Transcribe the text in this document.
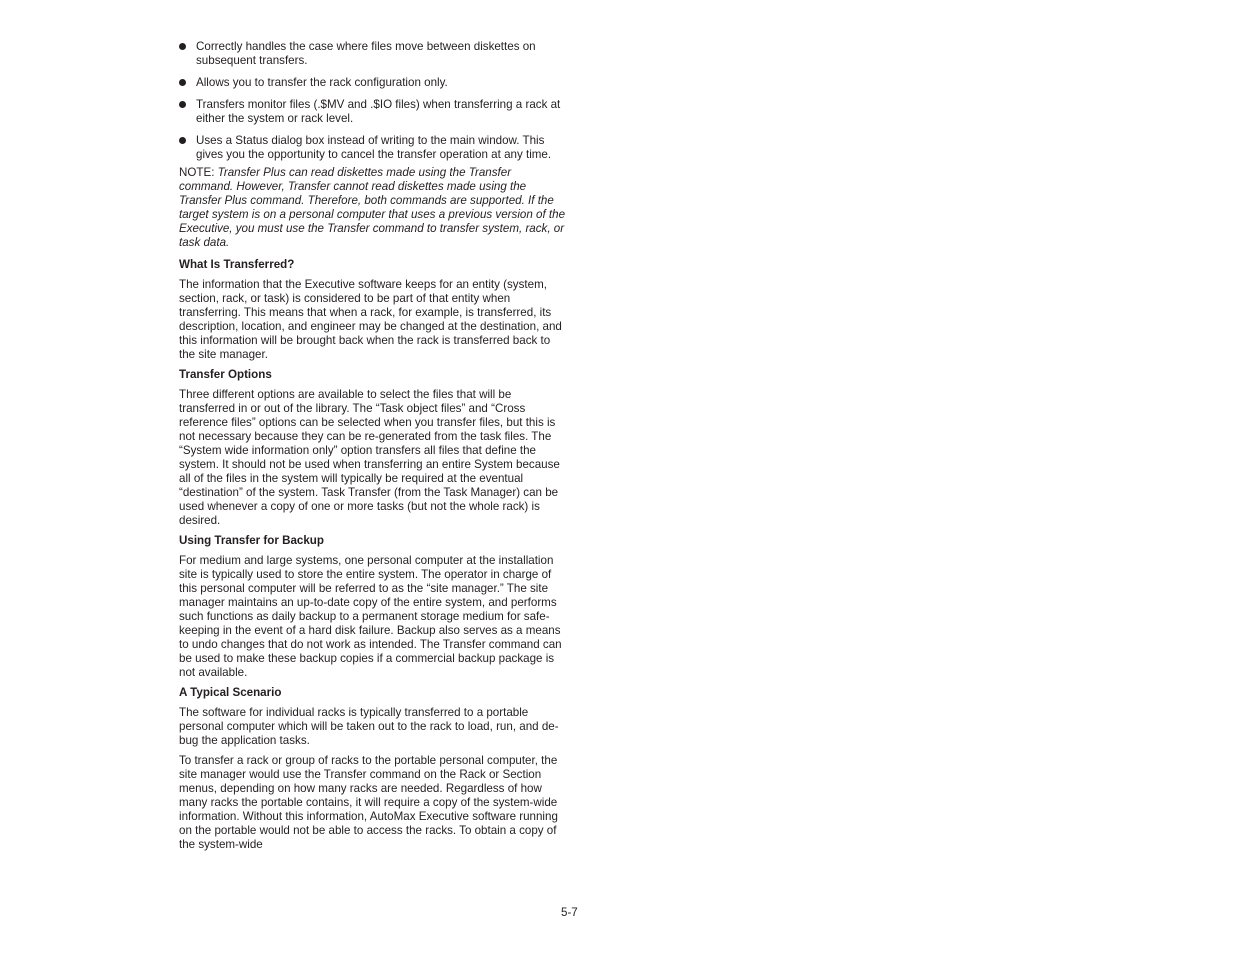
Correctly handles the case where files move between diskettes on subsequent transfers.
Allows you to transfer the rack configuration only.
Transfers monitor files (.$MV and .$IO files) when transferring a rack at either the system or rack level.
Uses a Status dialog box instead of writing to the main window. This gives you the opportunity to cancel the transfer operation at any time.

NOTE: Transfer Plus can read diskettes made using the Transfer command. However, Transfer cannot read diskettes made using the Transfer Plus command. Therefore, both commands are supported. If the target system is on a personal computer that uses a previous version of the Executive, you must use the Transfer command to transfer system, rack, or task data.

What Is Transferred?

The information that the Executive software keeps for an entity (system, section, rack, or task) is considered to be part of that entity when transferring. This means that when a rack, for example, is transferred, its description, location, and engineer may be changed at the destination, and this information will be brought back when the rack is transferred back to the site manager.

Transfer Options

Three different options are available to select the files that will be transferred in or out of the library. The “Task object files” and “Cross reference files” options can be selected when you transfer files, but this is not necessary because they can be re-generated from the task files. The “System wide information only” option transfers all files that define the system. It should not be used when transferring an entire System because all of the files in the system will typically be required at the eventual “destination” of the system. Task Transfer (from the Task Manager) can be used whenever a copy of one or more tasks (but not the whole rack) is desired.

Using Transfer for Backup

For medium and large systems, one personal computer at the installation site is typically used to store the entire system. The operator in charge of this personal computer will be referred to as the “site manager.” The site manager maintains an up-to-date copy of the entire system, and performs such functions as daily backup to a permanent storage medium for safe-keeping in the event of a hard disk failure. Backup also serves as a means to undo changes that do not work as intended. The Transfer command can be used to make these backup copies if a commercial backup package is not available.

A Typical Scenario

The software for individual racks is typically transferred to a portable personal computer which will be taken out to the rack to load, run, and de-bug the application tasks.

To transfer a rack or group of racks to the portable personal computer, the site manager would use the Transfer command on the Rack or Section menus, depending on how many racks are needed. Regardless of how many racks the portable contains, it will require a copy of the system-wide information. Without this information, AutoMax Executive software running on the portable would not be able to access the racks. To obtain a copy of the system-wide

5-7
